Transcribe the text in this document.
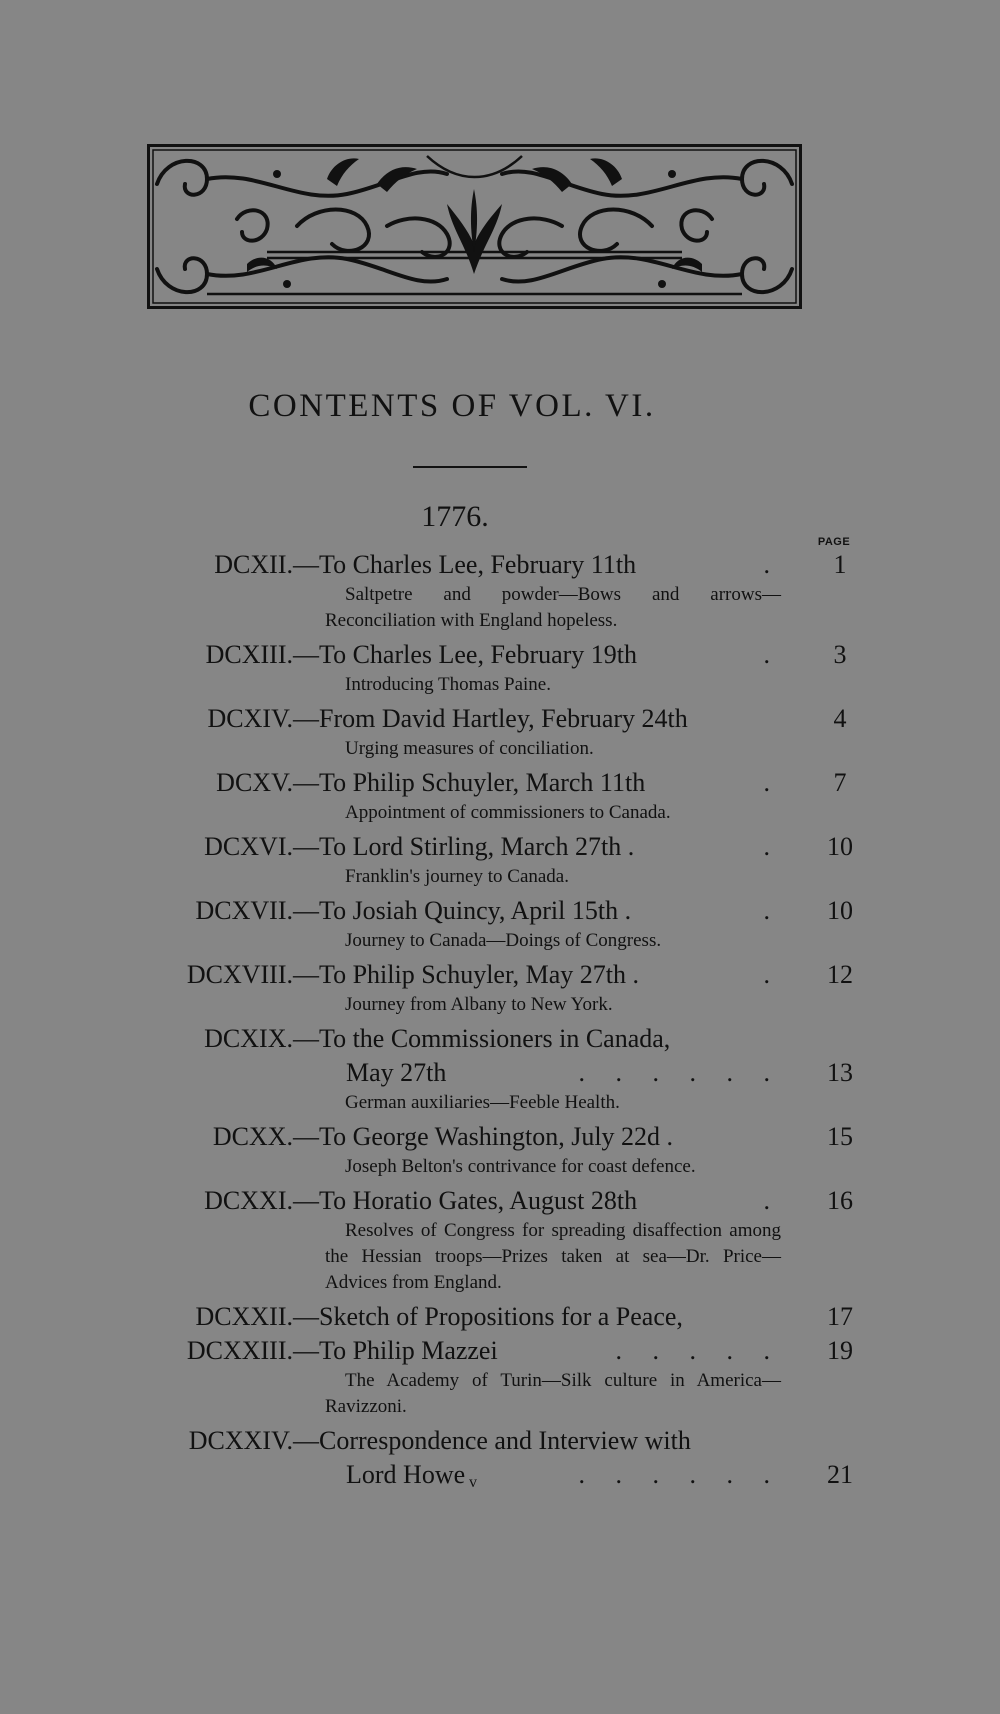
CONTENTS OF VOL. VI.
1776.
PAGE
DCXII. —To Charles Lee, February 11th	.	1

Saltpetre and powder—Bows and arrows—Reconciliation with England hopeless.

DCXIII. —To Charles Lee, February 19th	.	3

Introducing Thomas Paine.

DCXIV. —From David Hartley, February 24th	4

Urging measures of conciliation.

DCXV. —To Philip Schuyler, March 11th	.	7

Appointment of commissioners to Canada.

DCXVI. —To Lord Stirling, March 27th .	.	10

Franklin's journey to Canada.

DCXVII. —To Josiah Quincy, April 15th .	.	10

Journey to Canada—Doings of Congress.

DCXVIII. —To Philip Schuyler, May 27th .	.	12

Journey from Albany to New York.

DCXIX. —To the Commissioners in Canada,
May 27th	. . . . . .	13

German auxiliaries—Feeble Health.

DCXX. —To George Washington, July 22d .	15

Joseph Belton's contrivance for coast defence.

DCXXI. —To Horatio Gates, August 28th	.	16

Resolves of Congress for spreading disaffection among the Hessian troops—Prizes taken at sea—Dr. Price—Advices from England.

DCXXII. —Sketch of Propositions for a Peace,	17
DCXXIII. —To Philip Mazzei	. . . . .	19

The Academy of Turin—Silk culture in America—Ravizzoni.

DCXXIV. —Correspondence and Interview with
Lord Howe	. . . . . .	21
v
